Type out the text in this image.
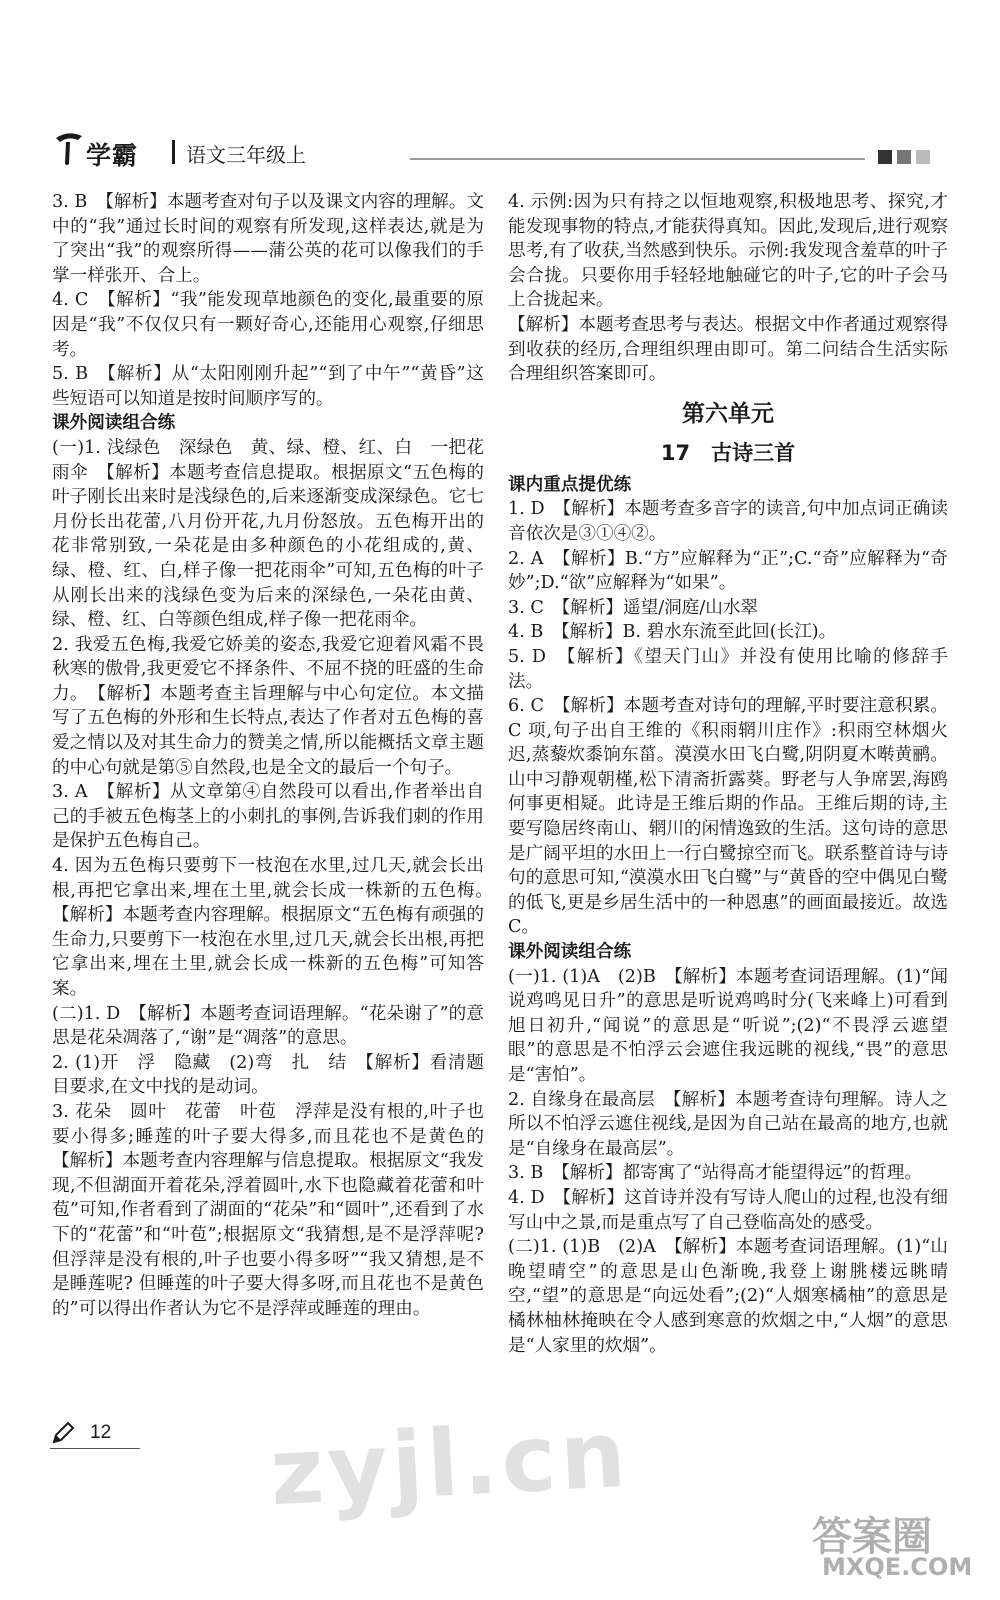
学霸 语文三年级上

3. B　【解析】本题考查对句子以及课文内容的理解。文中的“我”通过长时间的观察有所发现,这样表达,就是为了突出“我”的观察所得——蒲公英的花可以像我们的手掌一样张开、合上。

4. C　【解析】“我”能发现草地颜色的变化,最重要的原因是“我”不仅仅只有一颗好奇心,还能用心观察,仔细思考。

5. B　【解析】从“太阳刚刚升起”“到了中午”“黄昏”这些短语可以知道是按时间顺序写的。

课外阅读组合练

(一)1. 浅绿色　深绿色　黄、绿、橙、红、白　一把花雨伞　【解析】本题考查信息提取。根据原文“五色梅的叶子刚长出来时是浅绿色的,后来逐渐变成深绿色。它七月份长出花蕾,八月份开花,九月份怒放。五色梅开出的花非常别致,一朵花是由多种颜色的小花组成的,黄、绿、橙、红、白,样子像一把花雨伞”可知,五色梅的叶子从刚长出来的浅绿色变为后来的深绿色,一朵花由黄、绿、橙、红、白等颜色组成,样子像一把花雨伞。

2. 我爱五色梅,我爱它娇美的姿态,我爱它迎着风霜不畏秋寒的傲骨,我更爱它不择条件、不屈不挠的旺盛的生命力。　【解析】本题考查主旨理解与中心句定位。本文描写了五色梅的外形和生长特点,表达了作者对五色梅的喜爱之情以及对其生命力的赞美之情,所以能概括文章主题的中心句就是第⑤自然段,也是全文的最后一个句子。

3. A　【解析】从文章第④自然段可以看出,作者举出自己的手被五色梅茎上的小刺扎的事例,告诉我们刺的作用是保护五色梅自己。

4. 因为五色梅只要剪下一枝泡在水里,过几天,就会长出根,再把它拿出来,埋在土里,就会长成一株新的五色梅。　【解析】本题考查内容理解。根据原文“五色梅有顽强的生命力,只要剪下一枝泡在水里,过几天,就会长出根,再把它拿出来,埋在土里,就会长成一株新的五色梅”可知答案。

(二)1. D　【解析】本题考查词语理解。“花朵谢了”的意思是花朵凋落了,“谢”是“凋落”的意思。

2. (1)开　浮　隐藏　(2)弯　扎　结　【解析】看清题目要求,在文中找的是动词。

3. 花朵　圆叶　花蕾　叶苞　浮萍是没有根的,叶子也要小得多;睡莲的叶子要大得多,而且花也不是黄色的　【解析】本题考查内容理解与信息提取。根据原文“我发现,不但湖面开着花朵,浮着圆叶,水下也隐藏着花蕾和叶苞”可知,作者看到了湖面的“花朵”和“圆叶”,还看到了水下的“花蕾”和“叶苞”;根据原文“我猜想,是不是浮萍呢? 但浮萍是没有根的,叶子也要小得多呀”“我又猜想,是不是睡莲呢? 但睡莲的叶子要大得多呀,而且花也不是黄色的”可以得出作者认为它不是浮萍或睡莲的理由。

4. 示例:因为只有持之以恒地观察,积极地思考、探究,才能发现事物的特点,才能获得真知。因此,发现后,进行观察思考,有了收获,当然感到快乐。示例:我发现含羞草的叶子会合拢。只要你用手轻轻地触碰它的叶子,它的叶子会马上合拢起来。

【解析】本题考查思考与表达。根据文中作者通过观察得到收获的经历,合理组织理由即可。第二问结合生活实际合理组织答案即可。

第六单元
17　古诗三首

课内重点提优练

1. D　【解析】本题考查多音字的读音,句中加点词正确读音依次是③①④②。

2. A　【解析】B.“方”应解释为“正”;C.“奇”应解释为“奇妙”;D.“欲”应解释为“如果”。

3. C　【解析】遥望/洞庭/山水翠

4. B　【解析】B. 碧水东流至此回(长江)。

5. D　【解析】《望天门山》并没有使用比喻的修辞手法。

6. C　【解析】本题考查对诗句的理解,平时要注意积累。C 项,句子出自王维的《积雨辋川庄作》:积雨空林烟火迟,蒸藜炊黍饷东菑。漠漠水田飞白鹭,阴阴夏木啭黄鹂。山中习静观朝槿,松下清斋折露葵。野老与人争席罢,海鸥何事更相疑。此诗是王维后期的作品。王维后期的诗,主要写隐居终南山、辋川的闲情逸致的生活。这句诗的意思是广阔平坦的水田上一行白鹭掠空而飞。联系整首诗与诗句的意思可知,“漠漠水田飞白鹭”与“黄昏的空中偶见白鹭的低飞,更是乡居生活中的一种恩惠”的画面最接近。故选 C。

课外阅读组合练

(一)1. (1)A　(2)B　【解析】本题考查词语理解。(1)“闻说鸡鸣见日升”的意思是听说鸡鸣时分(飞来峰上)可看到旭日初升,“闻说”的意思是“听说”;(2)“不畏浮云遮望眼”的意思是不怕浮云会遮住我远眺的视线,“畏”的意思是“害怕”。

2. 自缘身在最高层　【解析】本题考查诗句理解。诗人之所以不怕浮云遮住视线,是因为自己站在最高的地方,也就是“自缘身在最高层”。

3. B　【解析】都寄寓了“站得高才能望得远”的哲理。

4. D　【解析】这首诗并没有写诗人爬山的过程,也没有细写山中之景,而是重点写了自己登临高处的感受。

(二)1. (1)B　(2)A　【解析】本题考查词语理解。(1)“山晚望晴空”的意思是山色渐晚,我登上谢朓楼远眺晴空,“望”的意思是“向远处看”;(2)“人烟寒橘柚”的意思是橘林柚林掩映在令人感到寒意的炊烟之中,“人烟”的意思是“人家里的炊烟”。

12 zyjl.cn
答案圈
MXQE.COM
